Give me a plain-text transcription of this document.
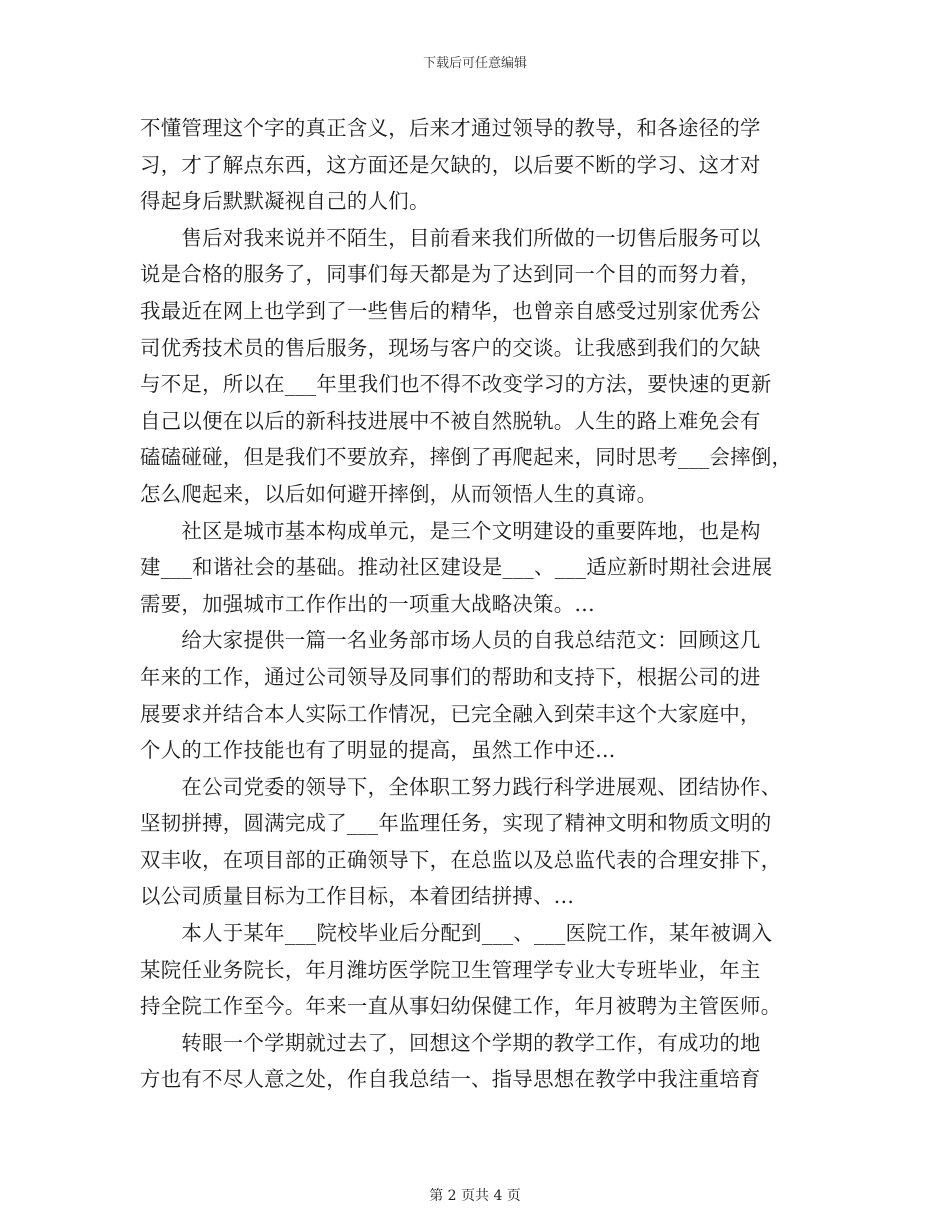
下载后可任意编辑
不懂管理这个字的真正含义，后来才通过领导的教导，和各途径的学
习，才了解点东西，这方面还是欠缺的，以后要不断的学习、这才对
得起身后默默凝视自己的人们。
　　售后对我来说并不陌生，目前看来我们所做的一切售后服务可以
说是合格的服务了，同事们每天都是为了达到同一个目的而努力着，
我最近在网上也学到了一些售后的精华，也曾亲自感受过别家优秀公
司优秀技术员的售后服务，现场与客户的交谈。让我感到我们的欠缺
与不足，所以在___年里我们也不得不改变学习的方法，要快速的更新
自己以便在以后的新科技进展中不被自然脱轨。人生的路上难免会有
磕磕碰碰，但是我们不要放弃，摔倒了再爬起来，同时思考___会摔倒，
怎么爬起来，以后如何避开摔倒，从而领悟人生的真谛。
　　社区是城市基本构成单元，是三个文明建设的重要阵地，也是构
建___和谐社会的基础。推动社区建设是___、___适应新时期社会进展
需要，加强城市工作作出的一项重大战略决策。...
　　给大家提供一篇一名业务部市场人员的自我总结范文：回顾这几
年来的工作，通过公司领导及同事们的帮助和支持下，根据公司的进
展要求并结合本人实际工作情况，已完全融入到荣丰这个大家庭中，
个人的工作技能也有了明显的提高，虽然工作中还...
　　在公司党委的领导下，全体职工努力践行科学进展观、团结协作、
坚韧拼搏，圆满完成了___年监理任务，实现了精神文明和物质文明的
双丰收，在项目部的正确领导下，在总监以及总监代表的合理安排下，
以公司质量目标为工作目标，本着团结拼搏、...
　　本人于某年___院校毕业后分配到___、___医院工作，某年被调入
某院任业务院长，年月潍坊医学院卫生管理学专业大专班毕业，年主
持全院工作至今。年来一直从事妇幼保健工作，年月被聘为主管医师。
　　转眼一个学期就过去了，回想这个学期的教学工作，有成功的地
方也有不尽人意之处，作自我总结一、指导思想在教学中我注重培育
第 2 页共 4 页
